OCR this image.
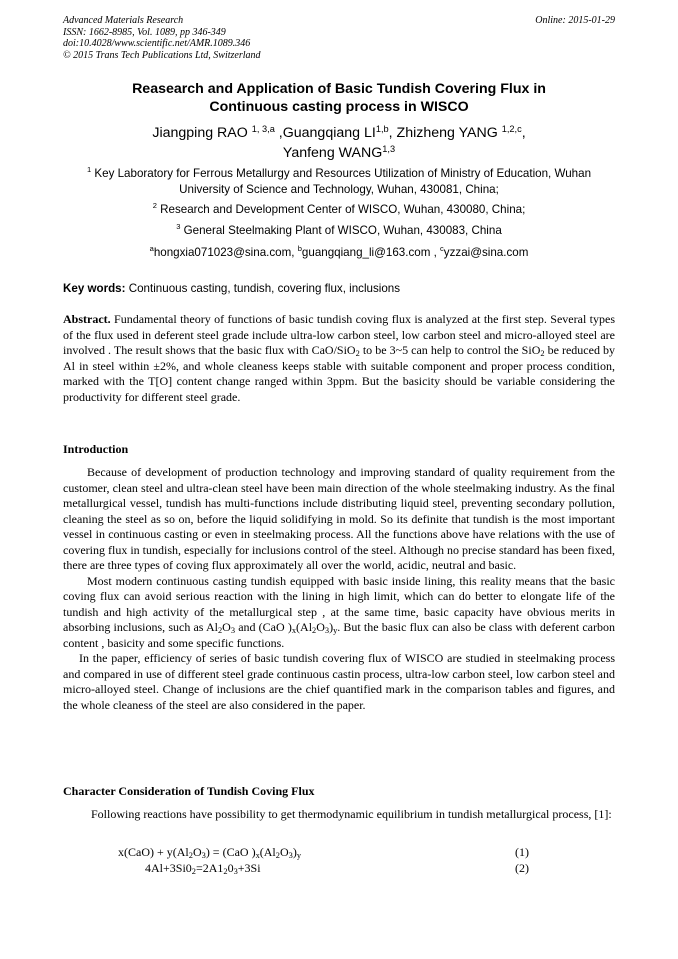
Advanced Materials Research
ISSN: 1662-8985, Vol. 1089, pp 346-349
doi:10.4028/www.scientific.net/AMR.1089.346
© 2015 Trans Tech Publications Ltd, Switzerland
Online: 2015-01-29
Reasearch and Application of Basic Tundish Covering Flux in
Continuous casting process in WISCO
Jiangping RAO $^{1, 3,a}$ ,Guangqiang LI$^{1,b}$, Zhizheng YANG $^{1,2,c}$,
Yanfeng WANG$^{1,3}$
$^1$ Key Laboratory for Ferrous Metallurgy and Resources Utilization of Ministry of Education, Wuhan
University of Science and Technology, Wuhan, 430081, China;
$^2$ Research and Development Center of WISCO, Wuhan, 430080, China;
$^3$ General Steelmaking Plant of WISCO, Wuhan, 430083, China
$^a$hongxia071023@sina.com, $^b$guangqiang_li@163.com , $^c$yzzai@sina.com
Key words: Continuous casting, tundish, covering flux, inclusions

Abstract. Fundamental theory of functions of basic tundish coving flux is analyzed at the first step. Several types of the flux used in deferent steel grade include ultra-low carbon steel, low carbon steel and micro-alloyed steel are involved . The result shows that the basic flux with CaO/SiO$_2$ to be 3~5 can help to control the SiO$_2$ be reduced by Al in steel within ±2%, and whole cleaness keeps stable with suitable component and proper process condition, marked with the T[O] content change ranged within 3ppm. But the basicity should be variable considering the productivity for different steel grade.

Introduction

Because of development of production technology and improving standard of quality requirement from the customer, clean steel and ultra-clean steel have been main direction of the whole steelmaking industry. As the final metallurgical vessel, tundish has multi-functions include distributing liquid steel, preventing secondary pollution, cleaning the steel as so on, before the liquid solidifying in mold. So its definite that tundish is the most important vessel in continuous casting or even in steelmaking process. All the functions above have relations with the use of covering flux in tundish, especially for inclusions control of the steel. Although no precise standard has been fixed, there are three types of coving flux approximately all over the world, acidic, neutral and basic.

Most modern continuous casting tundish equipped with basic inside lining, this reality means that the basic coving flux can avoid serious reaction with the lining in high limit, which can do better to elongate life of the tundish and high activity of the metallurgical step , at the same time, basic capacity have obvious merits in absorbing inclusions, such as $Al_2O_3$ and (CaO )$_x(Al_2O_3)_y$. But the basic flux can also be class with deferent carbon content , basicity and some specific functions.

In the paper, efficiency of series of basic tundish covering flux of WISCO are studied in steelmaking process and compared in use of different steel grade continuous castin process, ultra-low carbon steel, low carbon steel and micro-alloyed steel. Change of inclusions are the chief quantified mark in the comparison tables and figures, and the whole cleaness of the steel are also considered in the paper.

Character Consideration of Tundish Coving Flux

Following reactions have possibility to get thermodynamic equilibrium in tundish metallurgical process, [1]:

$x(CaO) + y(Al_2O_3) = (CaO$ )$_x(Al_2O_3)_y$	(1)
$4Al+3Si0_2=2A1_20_3+3Si$	(2)
